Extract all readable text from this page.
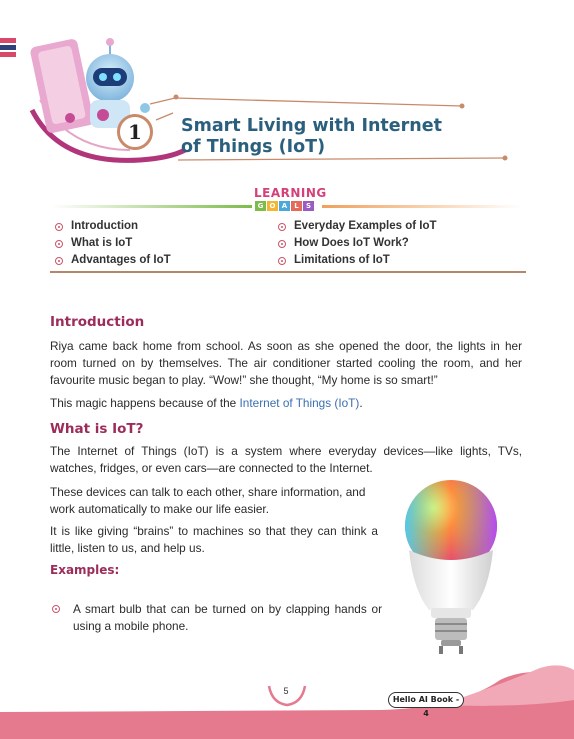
1	Smart Living with Internet
of Things (IoT)
LEARNING
G O A	L	S
Introduction
What is IoT
Advantages of IoT
Everyday Examples of IoT
How Does IoT Work?
Limitations of IoT
Introduction
Riya came back home from school. As soon as she opened the door, the lights in her room turned on by themselves. The air conditioner started cooling the room, and her favourite music began to play. “Wow!” she thought, “My home is so smart!”
This magic happens because of the Internet of Things (IoT).
What is IoT?
The Internet of Things (IoT) is a system where everyday devices—like lights, TVs, watches, fridges, or even cars—are connected to the Internet.
These devices can talk to each other, share information, and work automatically to make our life easier.
It is like giving “brains” to machines so that they can think a little, listen to us, and help us.
Examples:
A smart bulb that can be turned on by clapping hands or using a mobile phone.
5
Hello AI Book - 4
